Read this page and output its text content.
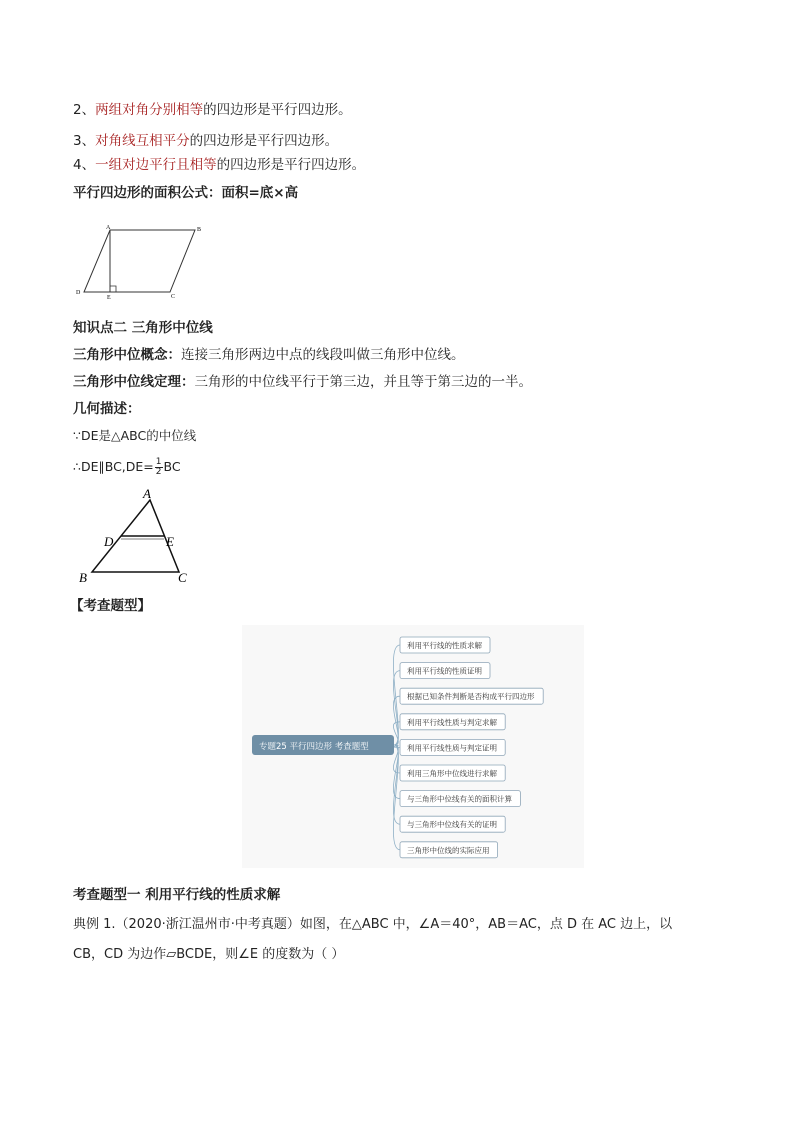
2、两组对角分别相等的四边形是平行四边形。
3、对角线互相平分的四边形是平行四边形。
4、一组对边平行且相等的四边形是平行四边形。
平行四边形的面积公式：面积=底×高
A	B
C
D
E
知识点二 三角形中位线
三角形中位概念：连接三角形两边中点的线段叫做三角形中位线。
三角形中位线定理：三角形的中位线平行于第三边，并且等于第三边的一半。
几何描述：
∵DE是△ABC的中位线
∴DE∥BC,DE= $\frac{1}{2}$ BC
A
B	C
D	E
【考查题型】
利用平行线的性质求解
利用平行线的性质证明
根据已知条件判断是否构成平行四边形
利用平行线性质与判定求解
利用平行线性质与判定证明
利用三角形中位线进行求解
与三角形中位线有关的面积计算
与三角形中位线有关的证明
三角形中位线的实际应用
专题25 平行四边形 考查题型
考查题型一 利用平行线的性质求解
典例 1.（2020·浙江温州市·中考真题）如图，在△ABC 中，∠A＝40°，AB＝AC，点 D 在 AC 边上，以
CB，CD 为边作▱BCDE，则∠E 的度数为（ ）
